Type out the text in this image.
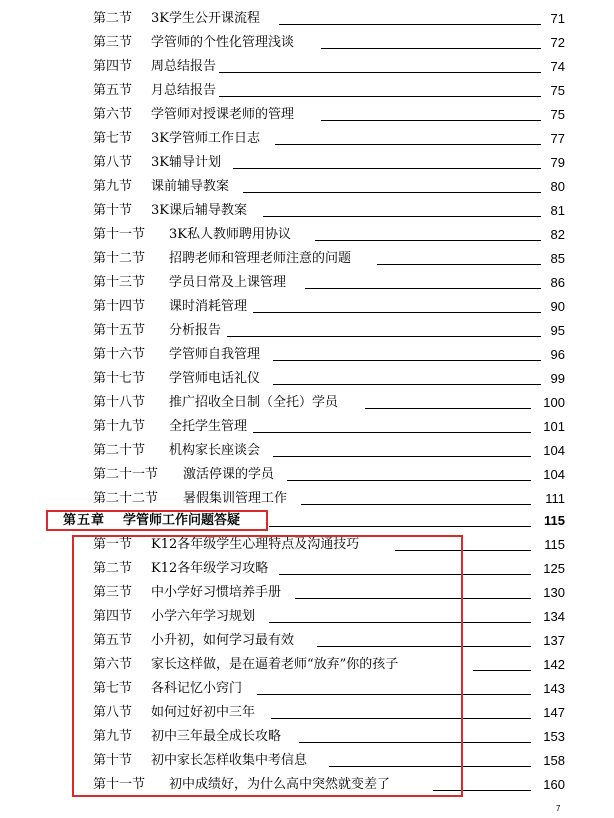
第二节 3K学生公开课流程	71
第三节 学管师的个性化管理浅谈	72
第四节 周总结报告	74
第五节 月总结报告	75
第六节 学管师对授课老师的管理	75
第七节 3K学管师工作日志	77
第八节 3K辅导计划	79
第九节 课前辅导教案	80
第十节 3K课后辅导教案	81
第十一节 3K私人教师聘用协议	82
第十二节 招聘老师和管理老师注意的问题	85
第十三节 学员日常及上课管理	86
第十四节 课时消耗管理	90
第十五节 分析报告	95
第十六节 学管师自我管理	96
第十七节 学管师电话礼仪	99
第十八节 推广招收全日制（全托）学员	100
第十九节 全托学生管理	101
第二十节 机构家长座谈会	104
第二十一节 激活停课的学员	104
第二十二节 暑假集训管理工作	111
第五章 学管师工作问题答疑	115
第一节 K12各年级学生心理特点及沟通技巧	115
第二节 K12各年级学习攻略	125
第三节 中小学好习惯培养手册	130
第四节 小学六年学习规划	134
第五节 小升初，如何学习最有效	137
第六节 家长这样做，是在逼着老师“放弃”你的孩子	142
第七节 各科记忆小窍门	143
第八节 如何过好初中三年	147
第九节 初中三年最全成长攻略	153
第十节 初中家长怎样收集中考信息	158
第十一节 初中成绩好，为什么高中突然就变差了	160
7
